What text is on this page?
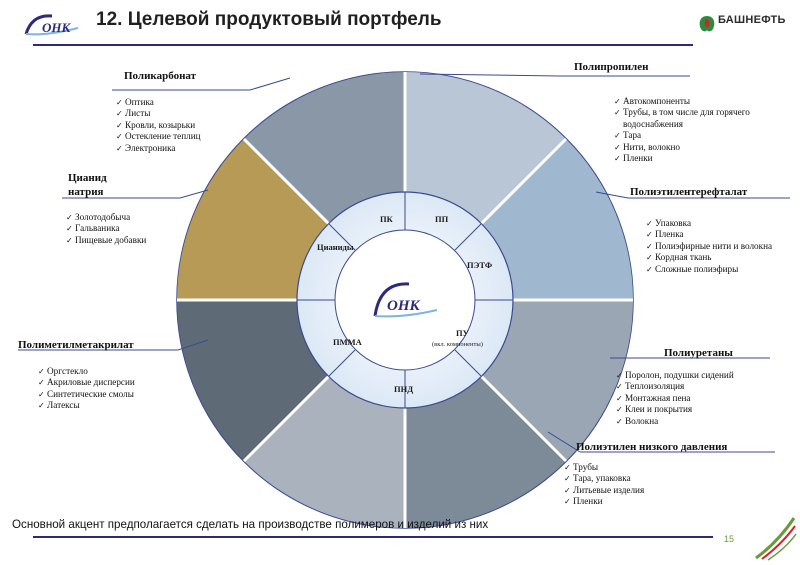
ОНК 12. Целевой продуктовый портфель	БАШНЕФТЬ
ОНК
ПК	ПП
ПЭТФ
ПУ
(вкл. компоненты)
ПНД
ПММА
Цианиды
Поликарбонат
✓ Оптика
✓ Листы
✓ Кровли, козырьки
✓ Остекление теплиц
✓ Электроника
Полипропилен
✓ Автокомпоненты
✓ Трубы, в том числе для горячего водоснабжения
✓ Тара
✓ Нити, волокно
✓ Пленки
Цианид
натрия
✓ Золотодобыча
✓ Гальваника
✓ Пищевые добавки
Полиэтилентерефталат
✓ Упаковка
✓ Пленка
✓ Полиэфирные нити и волокна
✓ Кордная ткань
✓ Сложные полиэфиры
Полиметилметакрилат
✓ Оргстекло
✓ Акриловые дисперсии
✓ Синтетические смолы
✓ Латексы
Полиуретаны
✓ Поролон, подушки сидений
✓ Теплоизоляция
✓ Монтажная пена
✓ Клеи и покрытия
✓ Волокна
Полиэтилен низкого давления
✓ Трубы
✓ Тара, упаковка
✓ Литьевые изделия
✓ Пленки
Основной акцент предполагается сделать на производстве полимеров и изделий из них
15
